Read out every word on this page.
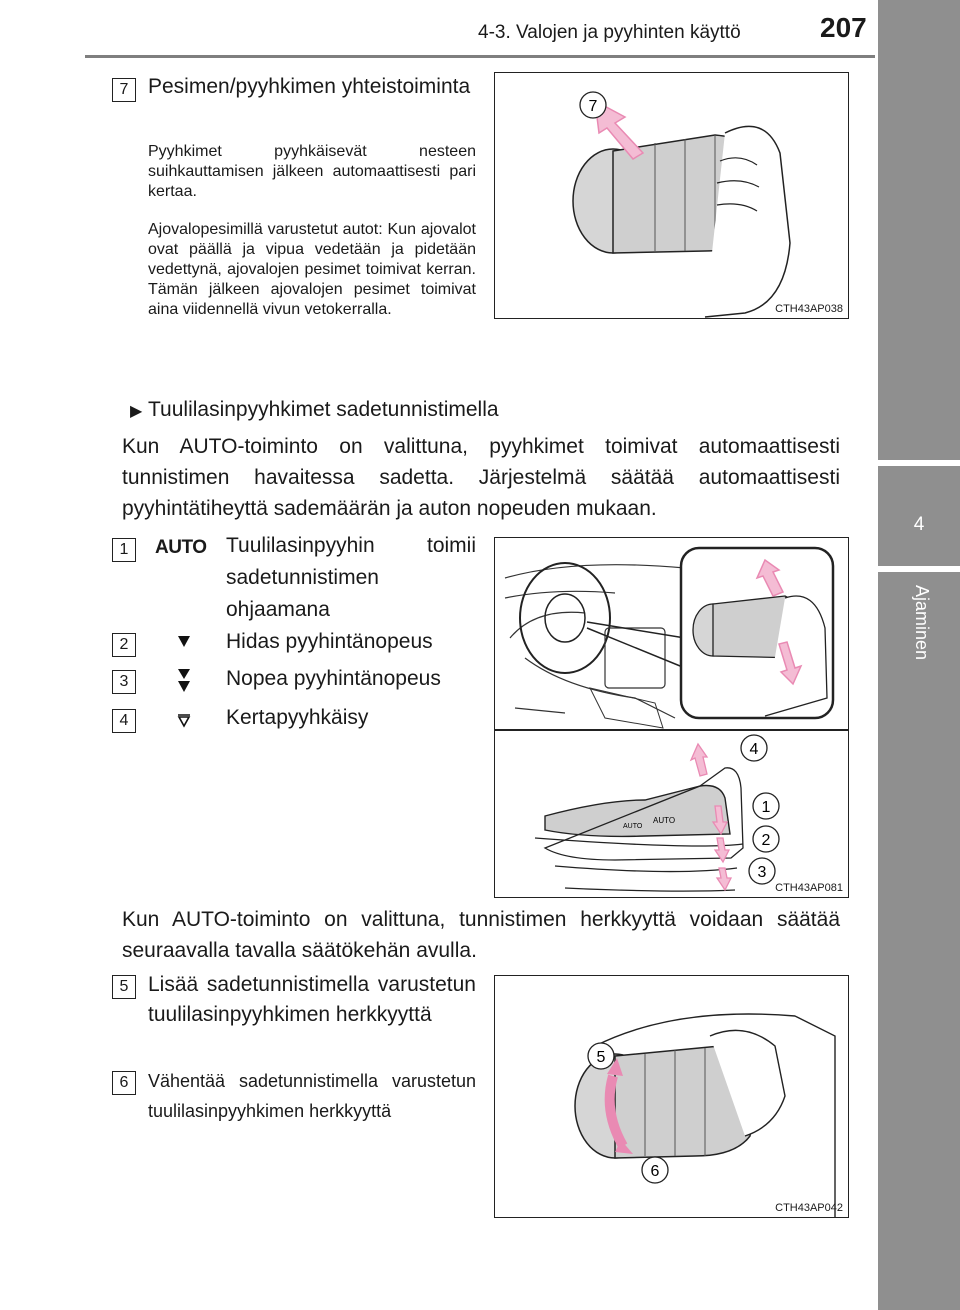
4-3. Valojen ja pyyhinten käyttö	207
4
Ajaminen
7 Pesimen/pyyhkimen yhteistoiminta
Pyyhkimet pyyhkäisevät nesteen suihkauttamisen jälkeen automaattisesti pari kertaa.
Ajovalopesimillä varustetut autot: Kun ajovalot ovat päällä ja vipua vedetään ja pidetään vedettynä, ajovalojen pesimet toimivat kerran. Tämän jälkeen ajovalojen pesimet toimivat aina viidennellä vivun vetokerralla.
7
CTH43AP038
▶ Tuulilasinpyyhkimet sadetunnistimella
Kun AUTO-toiminto on valittuna, pyyhkimet toimivat automaattisesti tunnistimen havaitessa sadetta. Järjestelmä säätää automaattisesti pyyhintätiheyttä sademäärän ja auton nopeuden mukaan.
1	AUTO Tuulilasinpyyhin toimii sadetunnistimen ohjaamana
2	Hidas pyyhintänopeus
3	Nopea pyyhintänopeus
4	Kertapyyhkäisy
AUTO
AUTO
4
1
2
3
CTH43AP081
Kun AUTO-toiminto on valittuna, tunnistimen herkkyyttä voidaan säätää seuraavalla tavalla säätökehän avulla.
5 Lisää sadetunnistimella varustetun tuulilasinpyyhkimen herkkyyttä
6	Vähentää sadetunnistimella varustetun tuulilasinpyyhkimen herkkyyttä
5
6
CTH43AP042
